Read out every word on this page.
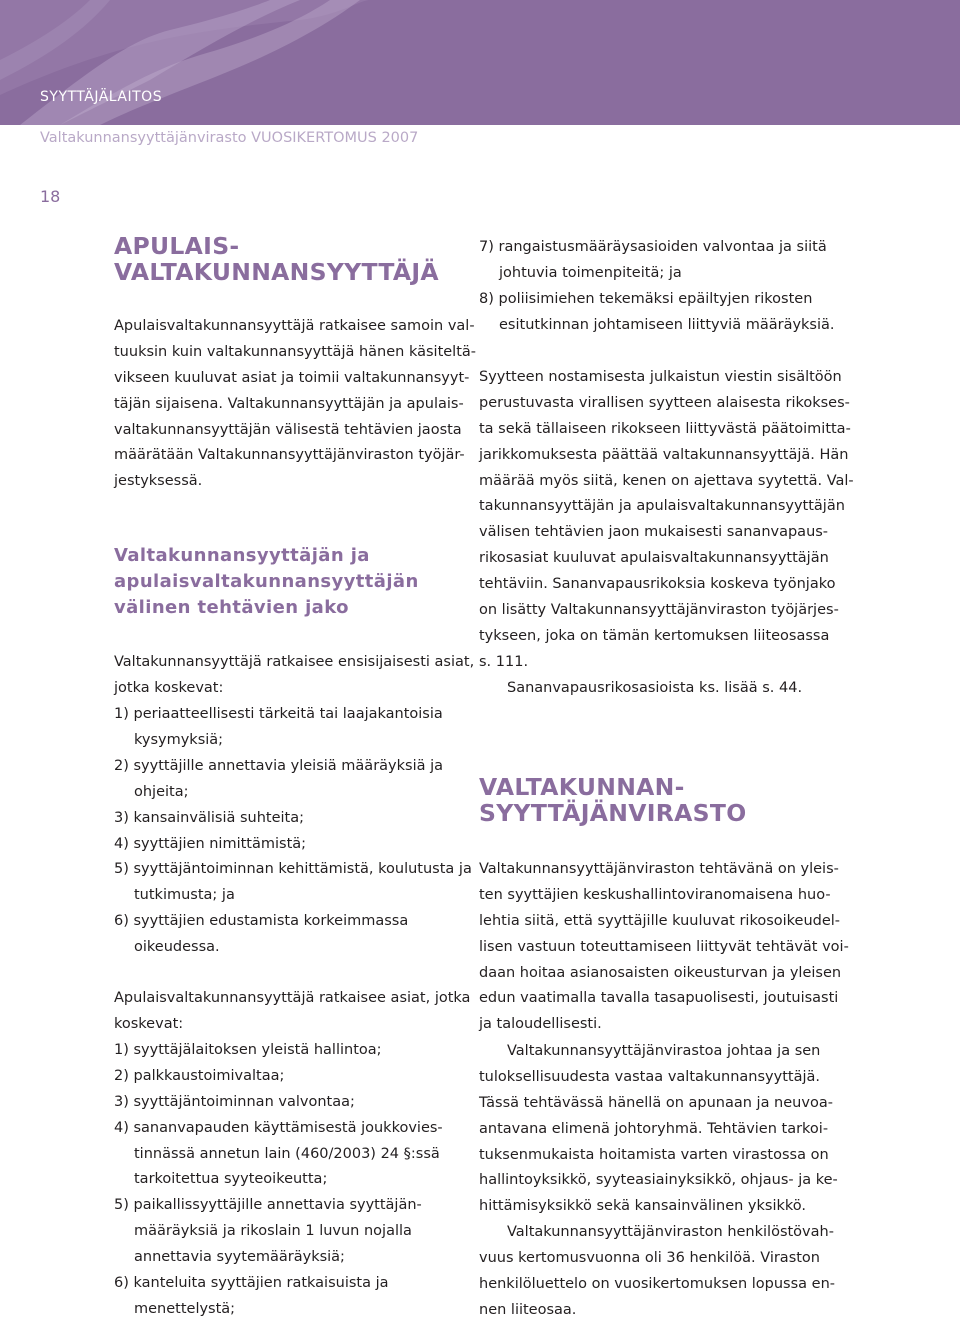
SYYTTÄJÄLAITOS
Valtakunnansyyttäjänvirasto VUOSIKERTOMUS 2007
18
APULAIS-
VALTAKUNNANSYYTTÄJÄ
Apulaisvaltakunnansyyttäjä ratkaisee samoin val-
tuuksin kuin valtakunnansyyttäjä hänen käsiteltä-
vikseen kuuluvat asiat ja toimii valtakunnansyyt-
täjän sijaisena. Valtakunnansyyttäjän ja apulais-
valtakunnansyyttäjän välisestä tehtävien jaosta
määrätään Valtakunnansyyttäjänviraston työjär-
jestyksessä.
Valtakunnansyyttäjän ja
apulaisvaltakunnansyyttäjän
välinen tehtävien jako
Valtakunnansyyttäjä ratkaisee ensisijaisesti asiat,
jotka koskevat:
1) periaatteellisesti tärkeitä tai laajakantoisia
kysymyksiä;
2) syyttäjille annettavia yleisiä määräyksiä ja
ohjeita;
3) kansainvälisiä suhteita;
4) syyttäjien nimittämistä;
5) syyttäjäntoiminnan kehittämistä, koulutusta ja
tutkimusta; ja
6) syyttäjien edustamista korkeimmassa
oikeudessa.
Apulaisvaltakunnansyyttäjä ratkaisee asiat, jotka
koskevat:
1) syyttäjälaitoksen yleistä hallintoa;
2) palkkaustoimivaltaa;
3) syyttäjäntoiminnan valvontaa;
4) sananvapauden käyttämisestä joukkovies-
tinnässä annetun lain (460/2003) 24 §:ssä
tarkoitettua syyteoikeutta;
5) paikallissyyttäjille annettavia syyttäjän-
määräyksiä ja rikoslain 1 luvun nojalla
annettavia syytemääräyksiä;
6) kanteluita syyttäjien ratkaisuista ja
menettelystä;
7) rangaistusmääräysasioiden valvontaa ja siitä
johtuvia toimenpiteitä; ja
8) poliisimiehen tekemäksi epäiltyjen rikosten
esitutkinnan johtamiseen liittyviä määräyksiä.
Syytteen nostamisesta julkaistun viestin sisältöön
perustuvasta virallisen syytteen alaisesta rikokses-
ta sekä tällaiseen rikokseen liittyvästä päätoimitta-
jarikkomuksesta päättää valtakunnansyyttäjä. Hän
määrää myös siitä, kenen on ajettava syytettä. Val-
takunnansyyttäjän ja apulaisvaltakunnansyyttäjän
välisen tehtävien jaon mukaisesti sananvapaus-
rikosasiat kuuluvat apulaisvaltakunnansyyttäjän
tehtäviin. Sananvapausrikoksia koskeva työnjako
on lisätty Valtakunnansyyttäjänviraston työjärjes-
tykseen, joka on tämän kertomuksen liiteosassa
s. 111.
Sananvapausrikosasioista ks. lisää s. 44.
VALTAKUNNAN-
SYYTTÄJÄNVIRASTO
Valtakunnansyyttäjänviraston tehtävänä on yleis-
ten syyttäjien keskushallintoviranomaisena huo-
lehtia siitä, että syyttäjille kuuluvat rikosoikeudel-
lisen vastuun toteuttamiseen liittyvät tehtävät voi-
daan hoitaa asianosaisten oikeusturvan ja yleisen
edun vaatimalla tavalla tasapuolisesti, joutuisasti
ja taloudellisesti.
Valtakunnansyyttäjänvirastoa johtaa ja sen
tuloksellisuudesta vastaa valtakunnansyyttäjä.
Tässä tehtävässä hänellä on apunaan ja neuvoa-
antavana elimenä johtoryhmä. Tehtävien tarkoi-
tuksenmukaista hoitamista varten virastossa on
hallintoyksikkö, syyteasiainyksikkö, ohjaus- ja ke-
hittämisyksikkö sekä kansainvälinen yksikkö.
Valtakunnansyyttäjänviraston henkilöstövah-
vuus kertomusvuonna oli 36 henkilöä. Viraston
henkilöluettelo on vuosikertomuksen lopussa en-
nen liiteosaa.
